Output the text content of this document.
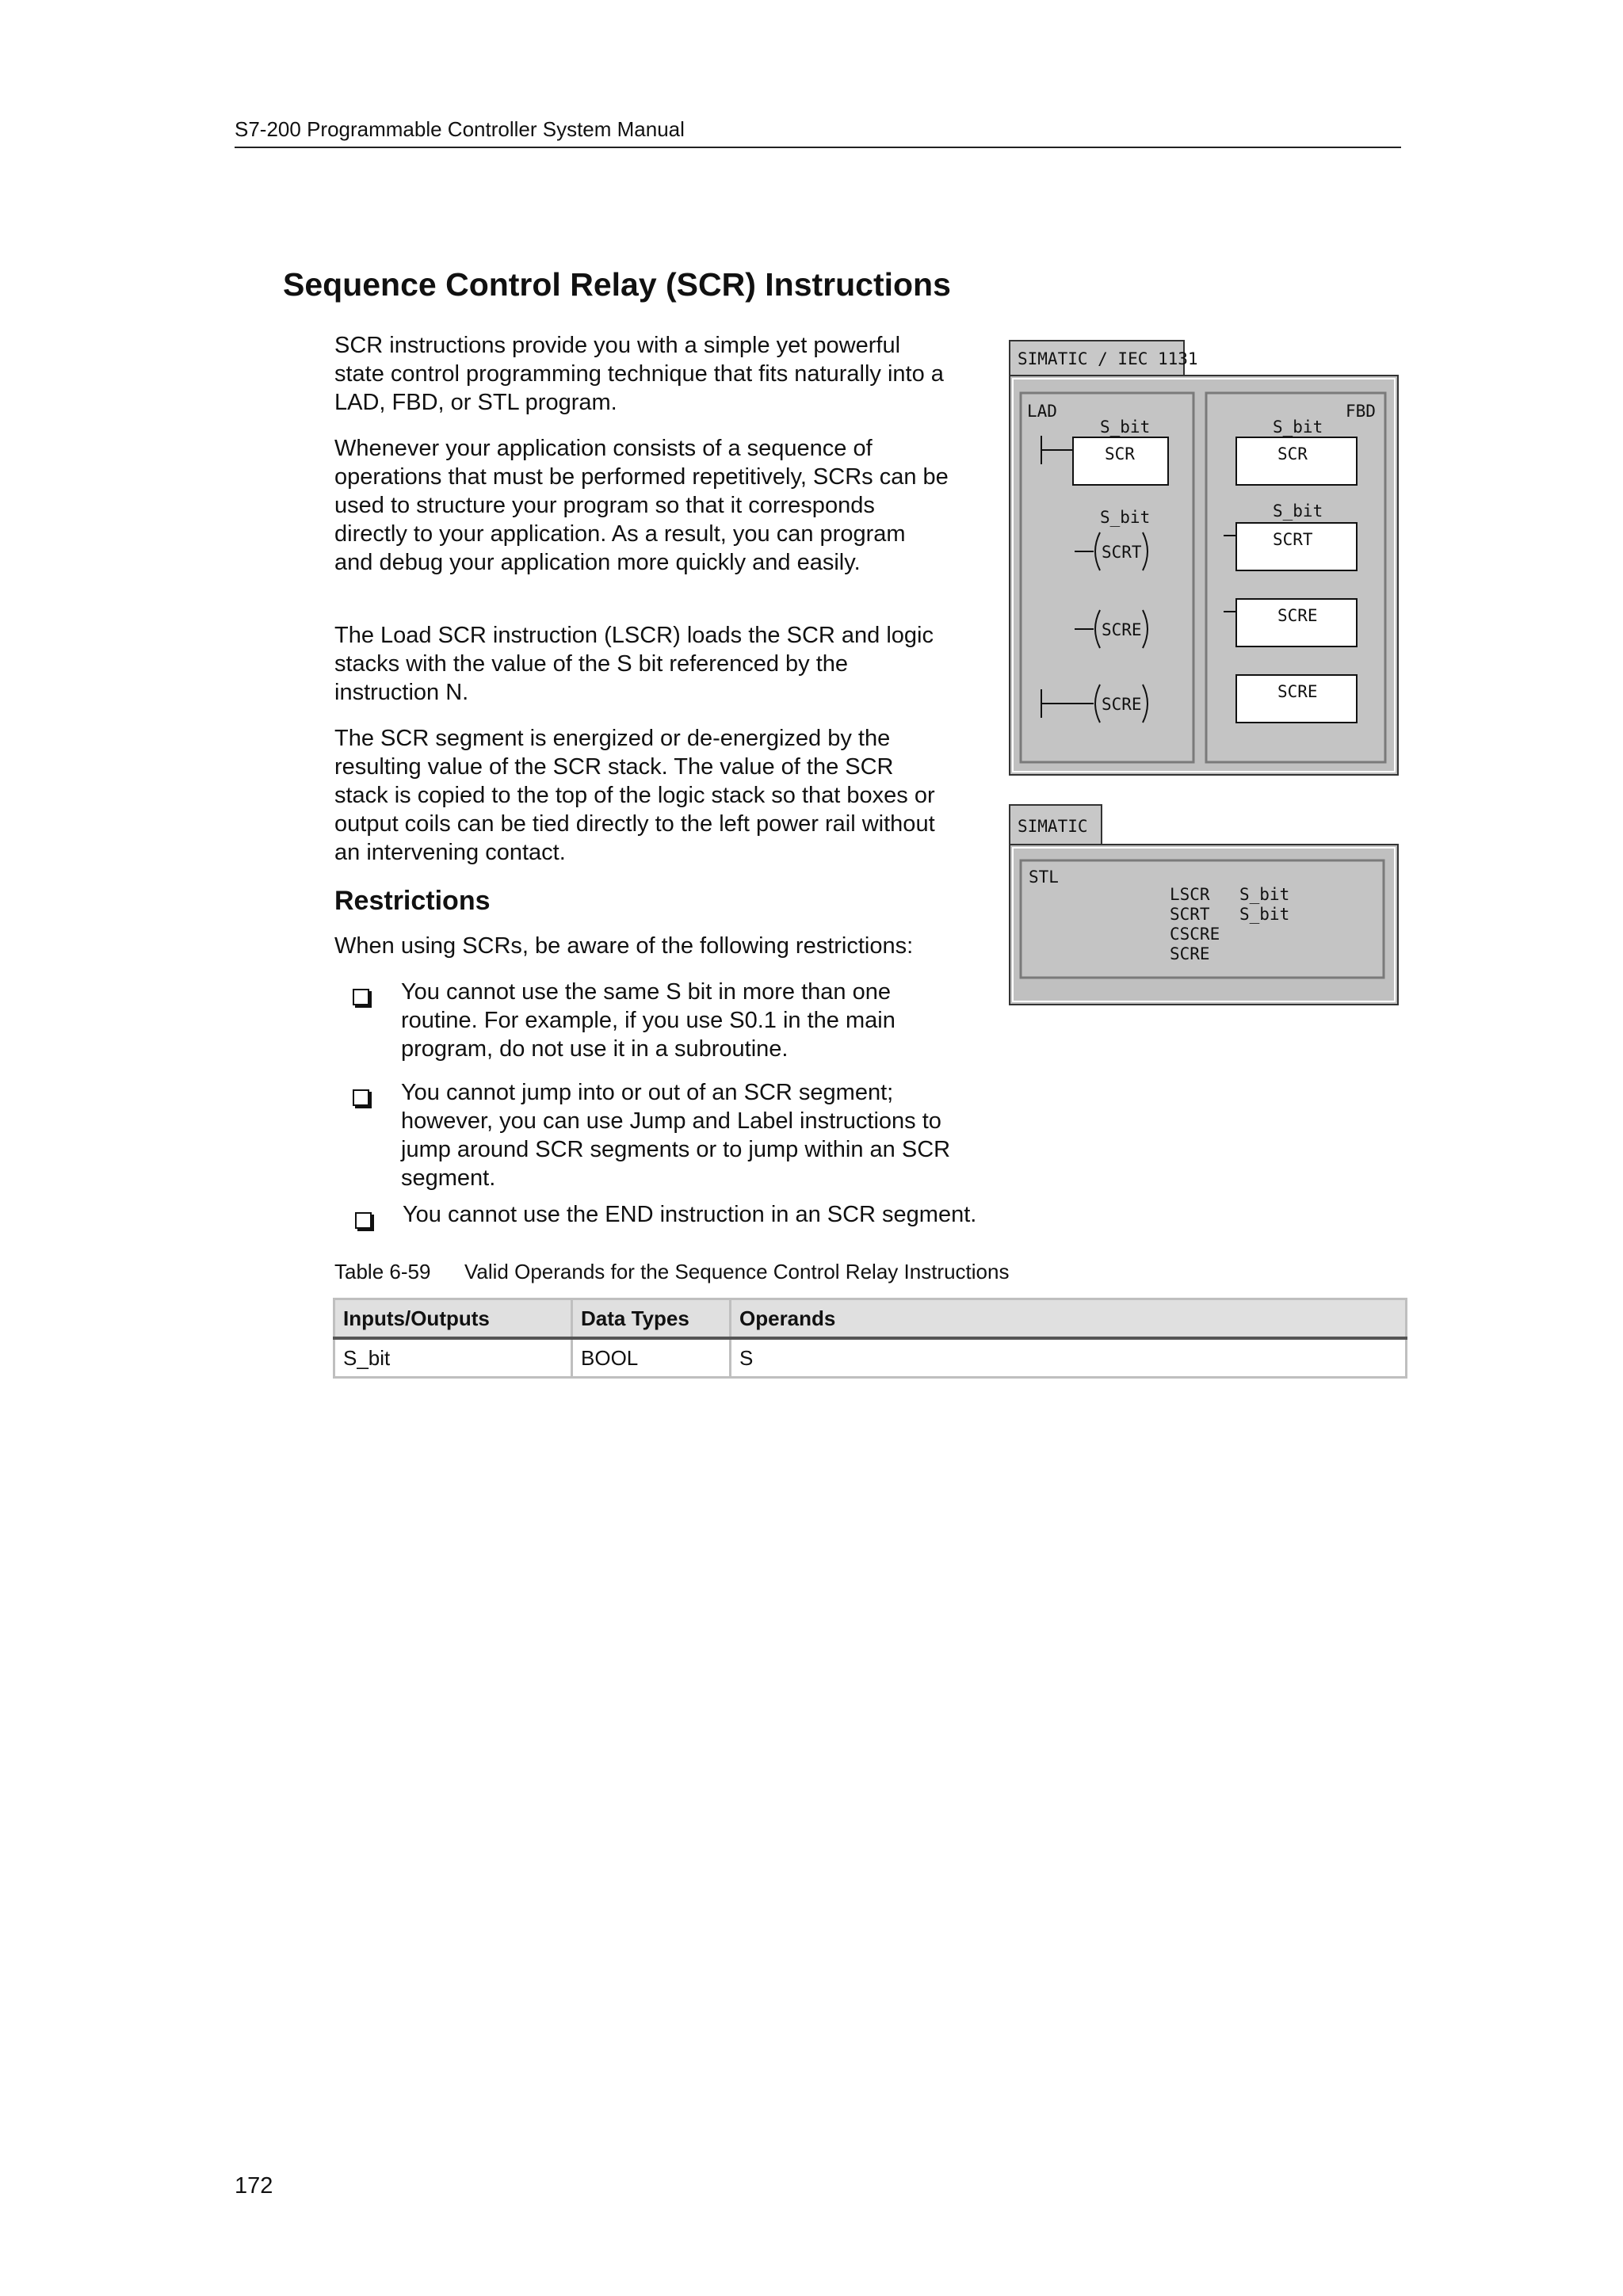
S7-200 Programmable Controller System Manual
Sequence Control Relay (SCR) Instructions
SCR instructions provide you with a simple yet powerful
state control programming technique that fits naturally into a
LAD, FBD, or STL program.
Whenever your application consists of a sequence of
operations that must be performed repetitively, SCRs can be
used to structure your program so that it corresponds
directly to your application. As a result, you can program
and debug your application more quickly and easily.
The Load SCR instruction (LSCR) loads the SCR and logic
stacks with the value of the S bit referenced by the
instruction N.
The SCR segment is energized or de-energized by the
resulting value of the SCR stack. The value of the SCR
stack is copied to the top of the logic stack so that boxes or
output coils can be tied directly to the left power rail without
an intervening contact.
Restrictions
When using SCRs, be aware of the following restrictions:
You cannot use the same S bit in more than one
routine. For example, if you use S0.1 in the main
program, do not use it in a subroutine.
You cannot jump into or out of an SCR segment;
however, you can use Jump and Label instructions to
jump around SCR segments or to jump within an SCR
segment.
You cannot use the END instruction in an SCR segment.
Table 6-59 Valid Operands for the Sequence Control Relay Instructions
Inputs/Outputs	Data Types	Operands
S_bit	BOOL	S
SIMATIC / IEC 1131
LAD	FBD
S_bit
SCR
S_bit
SCRT
SCRE
SCRE
S_bit
SCR
S_bit
SCRT
SCRE
SCRE
SIMATIC
STL
LSCR S_bit
SCRT S_bit
CSCRE
SCRE
172
